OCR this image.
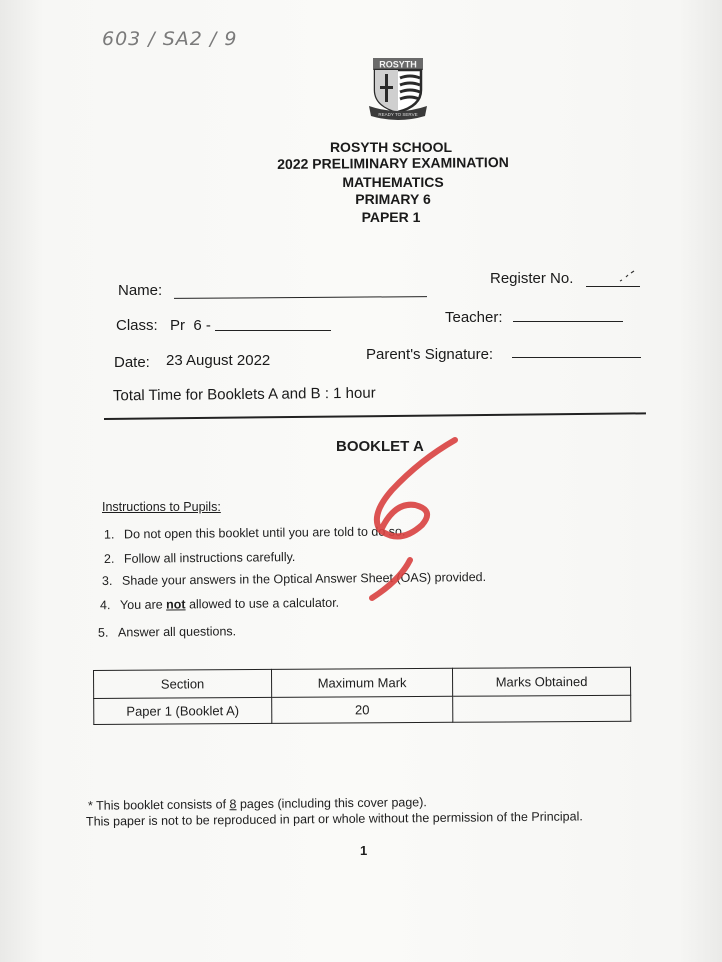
603 / SA2 / 9
ROSYTH
READY TO SERVE
ROSYTH SCHOOL
2022 PRELIMINARY EXAMINATION
MATHEMATICS
PRIMARY 6
PAPER 1
Name:
Register No.
Class: Pr  6 -	Teacher:
Date: 23 August 2022	Parent's Signature:
Total Time for Booklets A and B : 1 hour
BOOKLET A
Instructions to Pupils:
1. Do not open this booklet until you are told to do so.
2. Follow all instructions carefully.
3. Shade your answers in the Optical Answer Sheet (OAS) provided.
4. You are not allowed to use a calculator.
5. Answer all questions.
Section	Maximum Mark	Marks Obtained
Paper 1 (Booklet A)	20	
* This booklet consists of 8 pages (including this cover page).
This paper is not to be reproduced in part or whole without the permission of the Principal.
1
